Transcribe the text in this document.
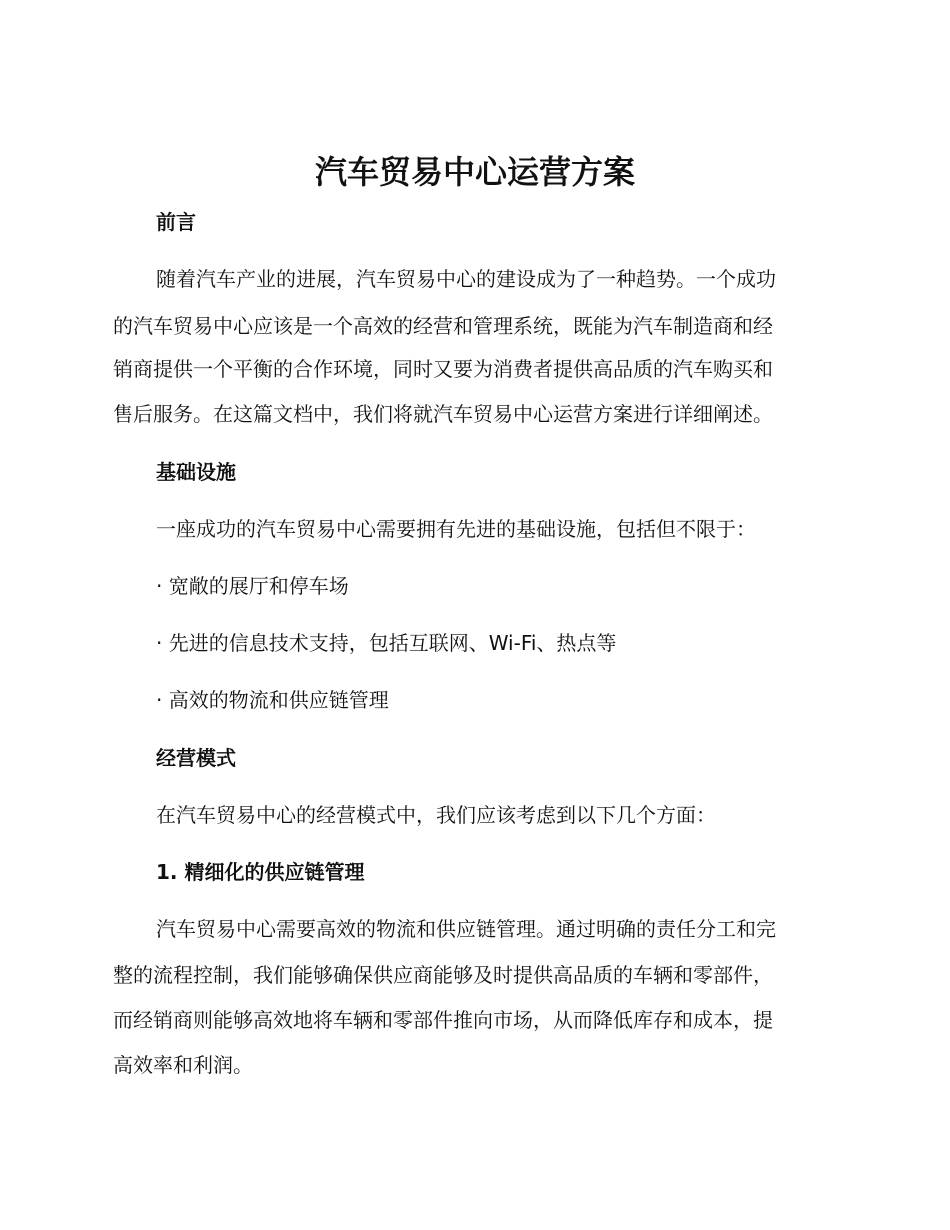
汽车贸易中心运营方案
前言
随着汽车产业的进展，汽车贸易中心的建设成为了一种趋势。一个成功
的汽车贸易中心应该是一个高效的经营和管理系统，既能为汽车制造商和经
销商提供一个平衡的合作环境，同时又要为消费者提供高品质的汽车购买和
售后服务。在这篇文档中，我们将就汽车贸易中心运营方案进行详细阐述。
基础设施
一座成功的汽车贸易中心需要拥有先进的基础设施，包括但不限于：
· 宽敞的展厅和停车场
· 先进的信息技术支持，包括互联网、Wi-Fi、热点等
· 高效的物流和供应链管理
经营模式
在汽车贸易中心的经营模式中，我们应该考虑到以下几个方面：
1. 精细化的供应链管理
汽车贸易中心需要高效的物流和供应链管理。通过明确的责任分工和完
整的流程控制，我们能够确保供应商能够及时提供高品质的车辆和零部件，
而经销商则能够高效地将车辆和零部件推向市场，从而降低库存和成本，提
高效率和利润。
